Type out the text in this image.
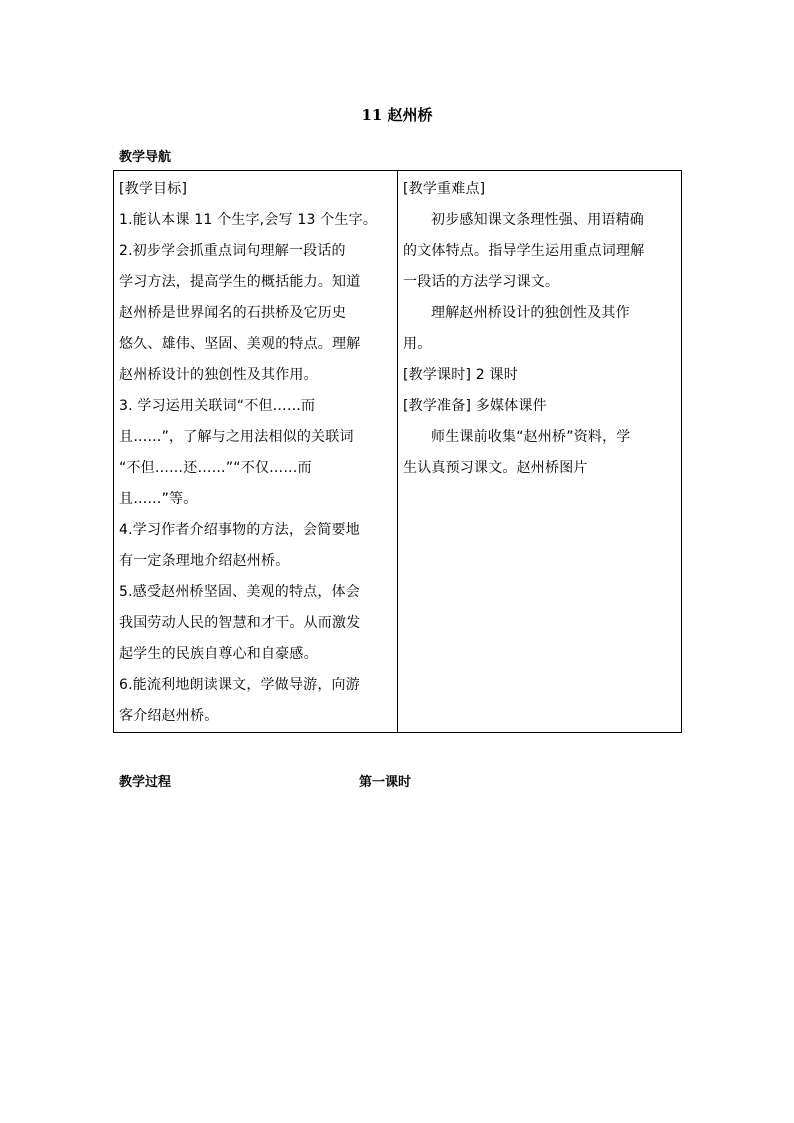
11 赵州桥
教学导航
[教学目标]
1.能认本课 11 个生字,会写 13 个生字。
2.初步学会抓重点词句理解一段话的
学习方法，提高学生的概括能力。知道
赵州桥是世界闻名的石拱桥及它历史
悠久、雄伟、坚固、美观的特点。理解
赵州桥设计的独创性及其作用。
3. 学习运用关联词“不但……而
且……”，了解与之用法相似的关联词
“不但……还……”“不仅……而
且……”等。
4.学习作者介绍事物的方法，会简要地
有一定条理地介绍赵州桥。
5.感受赵州桥坚固、美观的特点，体会
我国劳动人民的智慧和才干。从而激发
起学生的民族自尊心和自豪感。
6.能流利地朗读课文，学做导游，向游
客介绍赵州桥。

[教学重难点]
初步感知课文条理性强、用语精确
的文体特点。指导学生运用重点词理解
一段话的方法学习课文。
理解赵州桥设计的独创性及其作
用。
[教学课时] 2 课时
[教学准备] 多媒体课件
师生课前收集“赵州桥”资料，学
生认真预习课文。赵州桥图片
教学过程	第一课时
